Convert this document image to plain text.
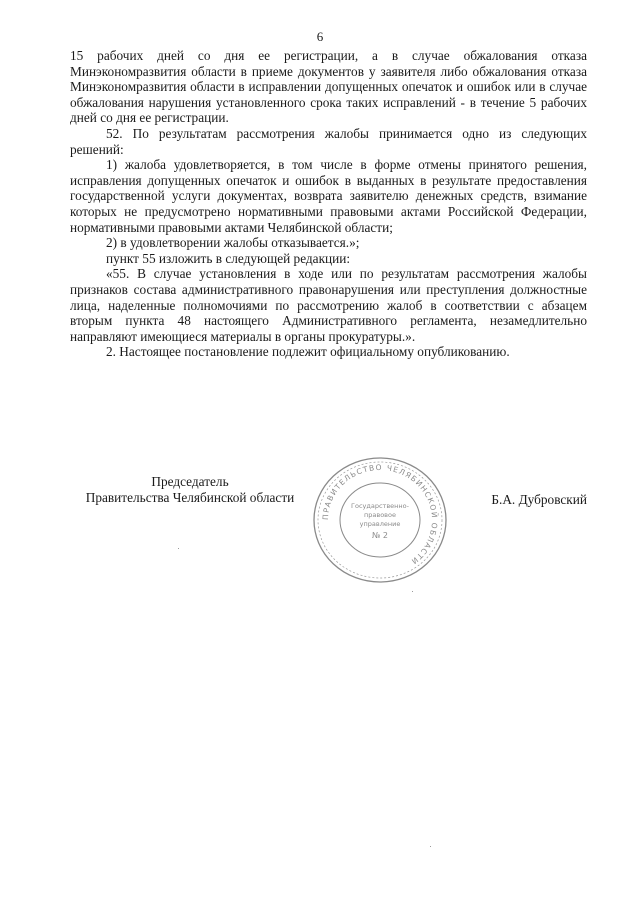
6

15 рабочих дней со дня ее регистрации, а в случае обжалования отказа Минэкономразвития области в приеме документов у заявителя либо обжалования отказа Минэкономразвития области в исправлении допущенных опечаток и ошибок или в случае обжалования нарушения установленного срока таких исправлений - в течение 5 рабочих дней со дня ее регистрации.

52. По результатам рассмотрения жалобы принимается одно из следующих решений:

1) жалоба удовлетворяется, в том числе в форме отмены принятого решения, исправления допущенных опечаток и ошибок в выданных в результате предоставления государственной услуги документах, возврата заявителю денежных средств, взимание которых не предусмотрено нормативными правовыми актами Российской Федерации, нормативными правовыми актами Челябинской области;

2) в удовлетворении жалобы отказывается.»;

пункт 55 изложить в следующей редакции:

«55. В случае установления в ходе или по результатам рассмотрения жалобы признаков состава административного правонарушения или преступления должностные лица, наделенные полномочиями по рассмотрению жалоб в соответствии с абзацем вторым пункта 48 настоящего Административного регламента, незамедлительно направляют имеющиеся материалы в органы прокуратуры.».

2. Настоящее постановление подлежит официальному опубликованию.

Председатель
Правительства Челябинской области
ПРАВИТЕЛЬСТВО ЧЕЛЯБИНСКОЙ ОБЛАСТИ
Государственно-
правовое
управление
№ 2
Б.А. Дубровский
